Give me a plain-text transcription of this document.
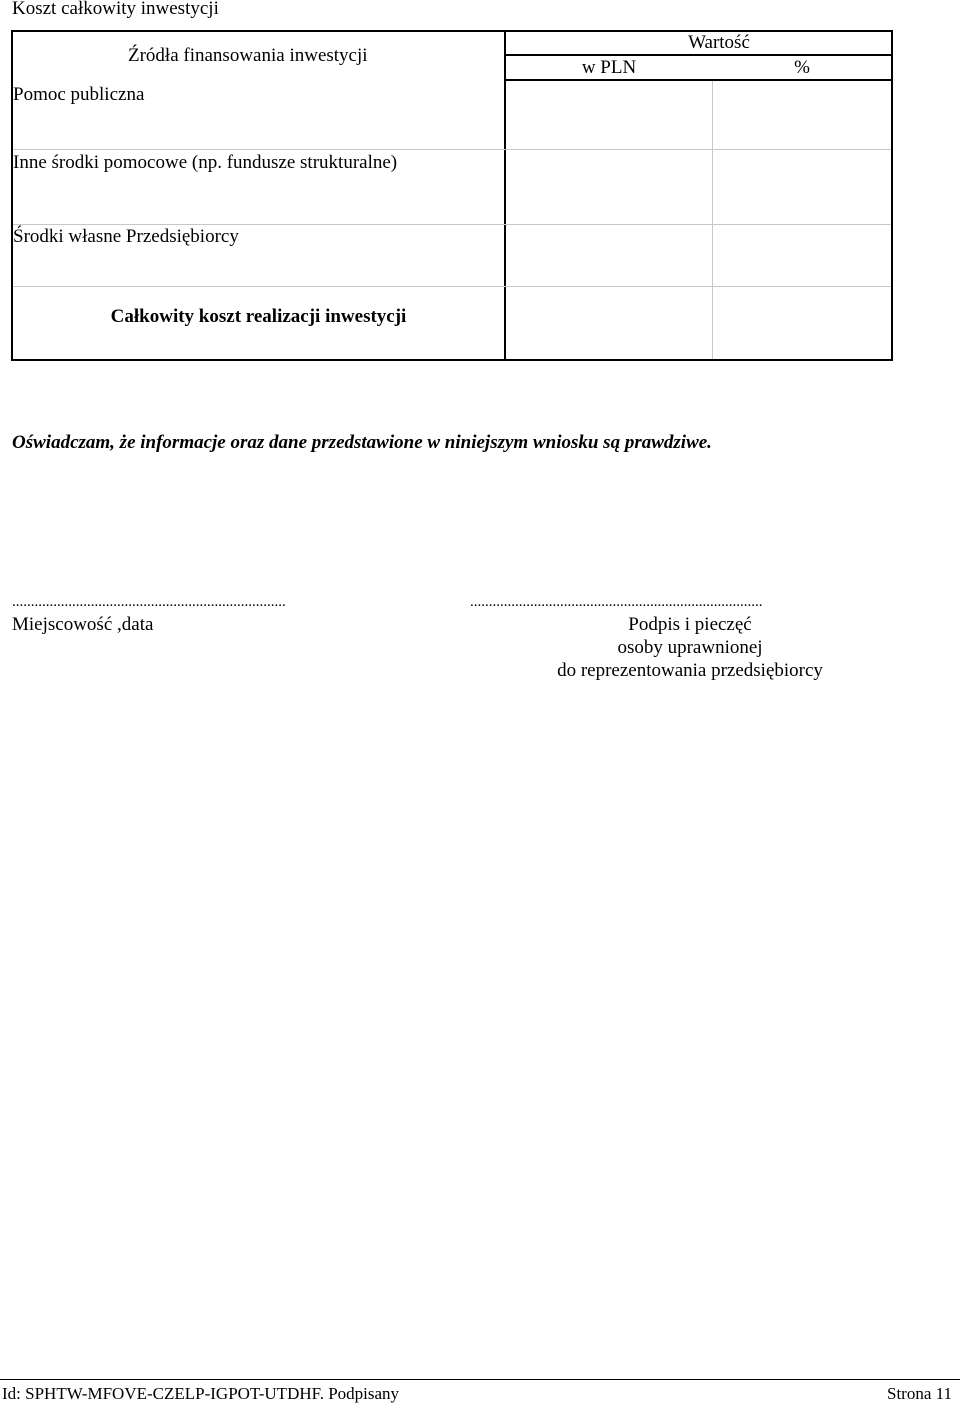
Koszt całkowity inwestycji
Źródła finansowania inwestycji
Wartość
w PLN	%
Pomoc publiczna
Inne środki pomocowe (np. fundusze strukturalne)
Środki własne Przedsiębiorcy
Całkowity koszt realizacji inwestycji
Oświadczam, że informacje oraz dane przedstawione w niniejszym wniosku są prawdziwe.
.........................................................................
Miejscowość ,data
..............................................................................
Podpis i pieczęć
osoby uprawnionej
do reprezentowania przedsiębiorcy
Id: SPHTW-MFOVE-CZELP-IGPOT-UTDHF. Podpisany	Strona 11
